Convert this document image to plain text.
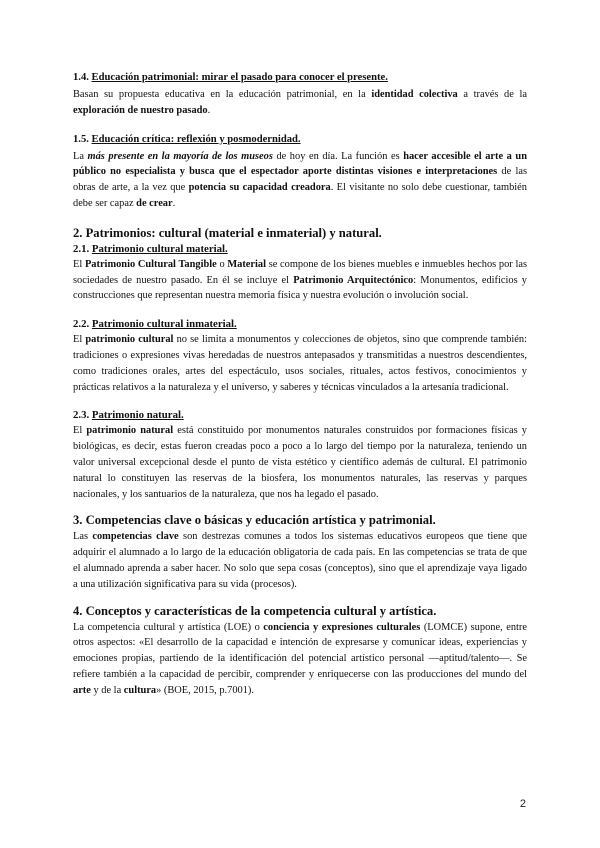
1.4. Educación patrimonial: mirar el pasado para conocer el presente.

Basan su propuesta educativa en la educación patrimonial, en la identidad colectiva a través de la exploración de nuestro pasado.

1.5. Educación crítica: reflexión y posmodernidad.

La más presente en la mayoría de los museos de hoy en día. La función es hacer accesible el arte a un público no especialista y busca que el espectador aporte distintas visiones e interpretaciones de las obras de arte, a la vez que potencia su capacidad creadora. El visitante no solo debe cuestionar, también debe ser capaz de crear.

2. Patrimonios: cultural (material e inmaterial) y natural.
2.1. Patrimonio cultural material.

El Patrimonio Cultural Tangible o Material se compone de los bienes muebles e inmuebles hechos por las sociedades de nuestro pasado. En él se incluye el Patrimonio Arquitectónico: Monumentos, edificios y construcciones que representan nuestra memoria física y nuestra evolución o involución social.

2.2. Patrimonio cultural inmaterial.

El patrimonio cultural no se limita a monumentos y colecciones de objetos, sino que comprende también: tradiciones o expresiones vivas heredadas de nuestros antepasados y transmitidas a nuestros descendientes, como tradiciones orales, artes del espectáculo, usos sociales, rituales, actos festivos, conocimientos y prácticas relativos a la naturaleza y el universo, y saberes y técnicas vinculados a la artesanía tradicional.

2.3. Patrimonio natural.

El patrimonio natural está constituido por monumentos naturales construidos por formaciones físicas y biológicas, es decir, estas fueron creadas poco a poco a lo largo del tiempo por la naturaleza, teniendo un valor universal excepcional desde el punto de vista estético y científico además de cultural. El patrimonio natural lo constituyen las reservas de la biosfera, los monumentos naturales, las reservas y parques nacionales, y los santuarios de la naturaleza, que nos ha legado el pasado.

3. Competencias clave o básicas y educación artística y patrimonial.

Las competencias clave son destrezas comunes a todos los sistemas educativos europeos que tiene que adquirir el alumnado a lo largo de la educación obligatoria de cada país. En las competencias se trata de que el alumnado aprenda a saber hacer. No solo que sepa cosas (conceptos), sino que el aprendizaje vaya ligado a una utilización significativa para su vida (procesos).

4. Conceptos y características de la competencia cultural y artística.

La competencia cultural y artística (LOE) o conciencia y expresiones culturales (LOMCE) supone, entre otros aspectos: «El desarrollo de la capacidad e intención de expresarse y comunicar ideas, experiencias y emociones propias, partiendo de la identificación del potencial artístico personal —aptitud/talento—. Se refiere también a la capacidad de percibir, comprender y enriquecerse con las producciones del mundo del arte y de la cultura» (BOE, 2015, p.7001).

2
